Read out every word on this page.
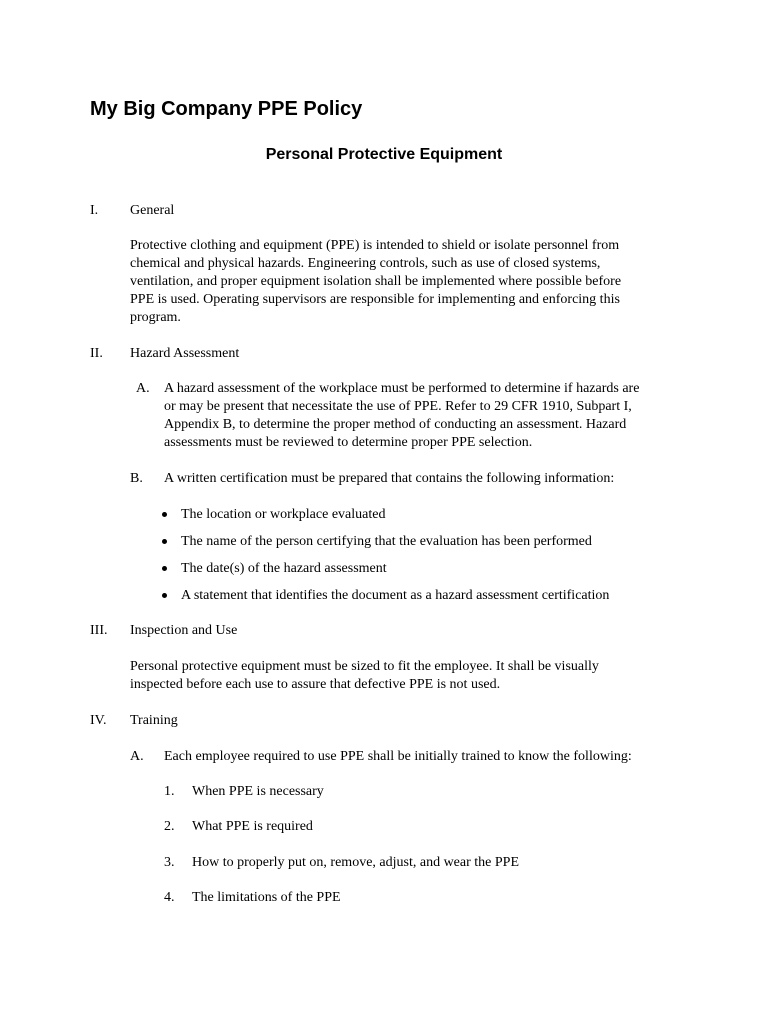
My Big Company PPE Policy
Personal Protective Equipment
I. General
Protective clothing and equipment (PPE) is intended to shield or isolate personnel from
chemical and physical hazards. Engineering controls, such as use of closed systems,
ventilation, and proper equipment isolation shall be implemented where possible before
PPE is used. Operating supervisors are responsible for implementing and enforcing this
program.
II. Hazard Assessment
A. A hazard assessment of the workplace must be performed to determine if hazards are
or may be present that necessitate the use of PPE. Refer to 29 CFR 1910, Subpart I,
Appendix B, to determine the proper method of conducting an assessment. Hazard
assessments must be reviewed to determine proper PPE selection.
B. A written certification must be prepared that contains the following information:
The location or workplace evaluated
The name of the person certifying that the evaluation has been performed
The date(s) of the hazard assessment
A statement that identifies the document as a hazard assessment certification
III. Inspection and Use
Personal protective equipment must be sized to fit the employee. It shall be visually
inspected before each use to assure that defective PPE is not used.
IV. Training
A. Each employee required to use PPE shall be initially trained to know the following:
1. When PPE is necessary
2. What PPE is required
3. How to properly put on, remove, adjust, and wear the PPE
4. The limitations of the PPE
